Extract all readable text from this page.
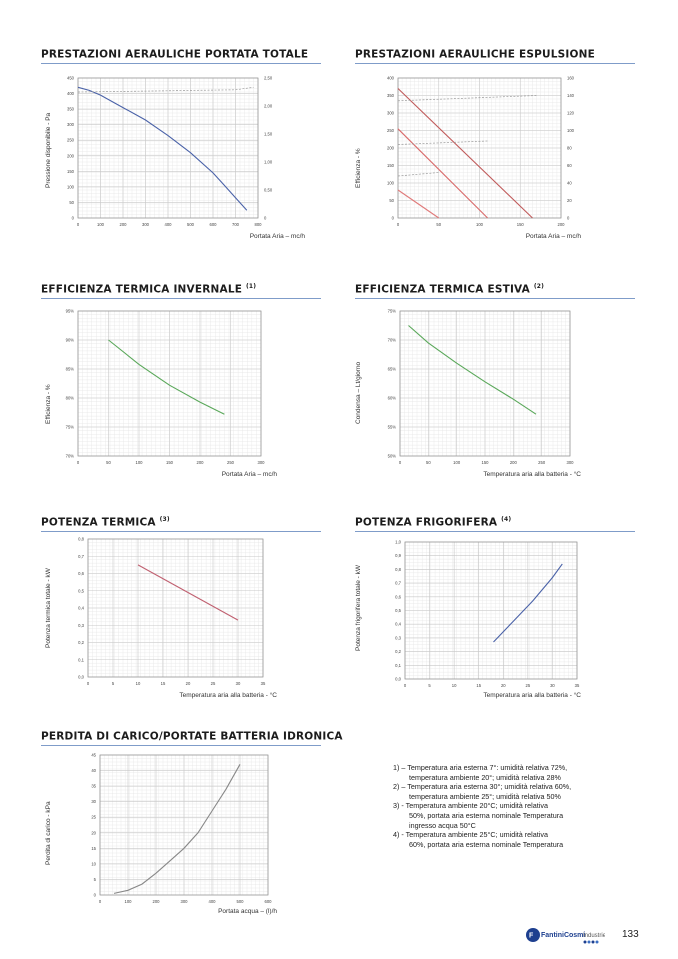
PRESTAZIONI AERAULICHE PORTATA TOTALE	PRESTAZIONI AERAULICHE ESPULSIONE
EFFICIENZA TERMICA INVERNALE $^{(1)}$	EFFICIENZA TERMICA ESTIVA $^{(2)}$
POTENZA TERMICA $^{(3)}$	POTENZA FRIGORIFERA $^{(4)}$
PERDITA DI CARICO/PORTATE BATTERIA IDRONICA

1) – Temperatura aria esterna 7°: umidità relativa 72%,
temperatura ambiente 20°; umidità relativa 28%

2) – Temperatura aria esterna 30°; umidità relativa 60%,
temperatura ambiente 25°; umidità relativa 50%

3) - Temperatura ambiente 20°C; umidità relativa
50%, portata aria esterna nominale Temperatura
ingresso acqua 50°C

4) - Temperatura ambiente 25°C; umidità relativa
60%, portata aria esterna nominale Temperatura

F FantiniCosmi
Industrie 133
0	100	200	300	400	500	600	700	800
0
50
100
150
200
250
300
350
400
450
0
0,50
1,00
1,50
2,00
2,50
Pressione disponibile - Pa
Portata Aria – mc/h
0	50	100	150	200
0
50
100
150
200
250
300
350
400
0
20
40
60
80
100
120
140
160
Efficienza - %
Portata Aria – mc/h
0	50	100	150	200	250	300
70%
75%
80%
85%
90%
95%
Efficienza - %
Portata Aria – mc/h
0	50	100	150	200	250	300
50%
55%
60%
65%
70%
75%
Condensa – Lt/giorno
Temperatura aria alla batteria - °C
0	5	10	15	20	25	30	35
0,0
0,1
0,2
0,3
0,4
0,5
0,6
0,7
0,8
Potenza termica totale - kW
Temperatura aria alla batteria - °C
0	5	10	15	20	25	30	35
0,0
0,1
0,2
0,3
0,4
0,5
0,6
0,7
0,8
0,9
1,0
Potenza frigorifera totale - kW
Temperatura aria alla batteria - °C
0	100	200	300	400	500	600
0
5
10
15
20
25
30
35
40
45
Perdita di carico - kPa
Portata acqua – (l)/h
